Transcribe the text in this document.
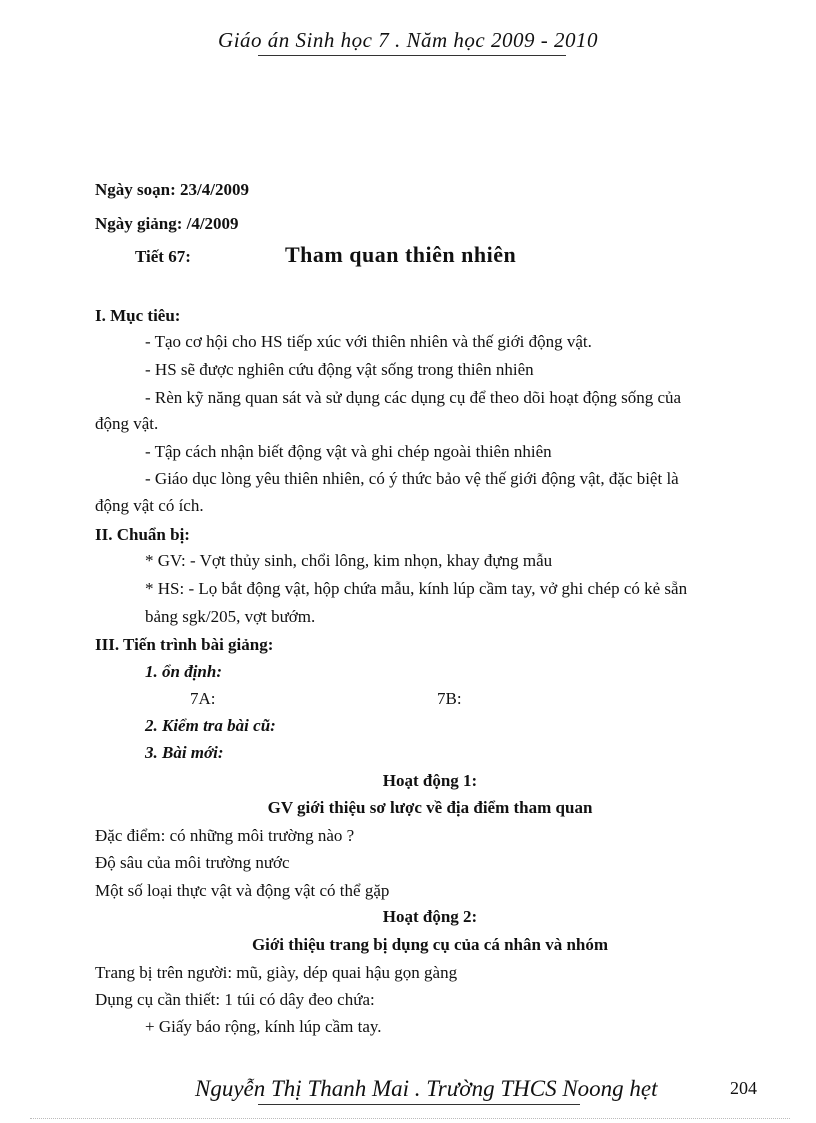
Giáo án Sinh học 7 . Năm học 2009 - 2010
Ngày soạn: 23/4/2009
Ngày giảng: /4/2009
Tiết 67:	Tham quan thiên nhiên
I. Mục tiêu:
- Tạo cơ hội cho HS tiếp xúc với thiên nhiên và thế giới động vật.
- HS sẽ được nghiên cứu động vật sống trong thiên nhiên
- Rèn kỹ năng quan sát và sử dụng các dụng cụ để theo dõi hoạt động sống của
động vật.
- Tập cách nhận biết động vật và ghi chép ngoài thiên nhiên
- Giáo dục lòng yêu thiên nhiên, có ý thức bảo vệ thế giới động vật, đặc biệt là
động vật có ích.
II. Chuẩn bị:
* GV: - Vợt thủy sinh, chổi lông, kim nhọn, khay đựng mẫu
* HS: - Lọ bắt động vật, hộp chứa mẫu, kính lúp cầm tay, vở ghi chép có kẻ sẵn
bảng sgk/205, vợt bướm.
III. Tiến trình bài giảng:
1. ổn định:
7A:	7B:
2. Kiểm tra bài cũ:
3. Bài mới:
Hoạt động 1:
GV giới thiệu sơ lược về địa điểm tham quan
Đặc điểm: có những môi trường nào ?
Độ sâu của môi trường nước
Một số loại thực vật và động vật có thể gặp
Hoạt động 2:
Giới thiệu trang bị dụng cụ của cá nhân và nhóm
Trang bị trên người: mũ, giày, dép quai hậu gọn gàng
Dụng cụ cần thiết: 1 túi có dây đeo chứa:
+ Giấy báo rộng, kính lúp cầm tay.
Nguyễn Thị Thanh Mai . Trường THCS Noong hẹt	204
